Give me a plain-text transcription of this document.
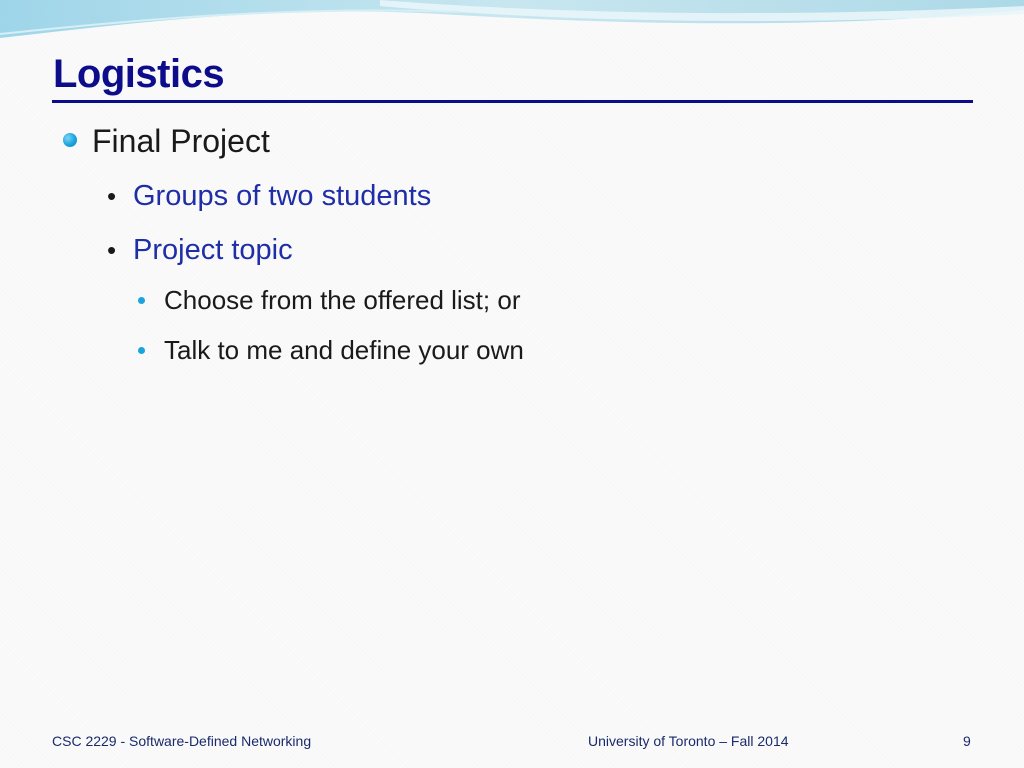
Logistics
Final Project
• Groups of two students
• Project topic
Choose from the offered list; or
Talk to me and define your own
CSC 2229 - Software-Defined Networking	University of Toronto – Fall 2014	9
